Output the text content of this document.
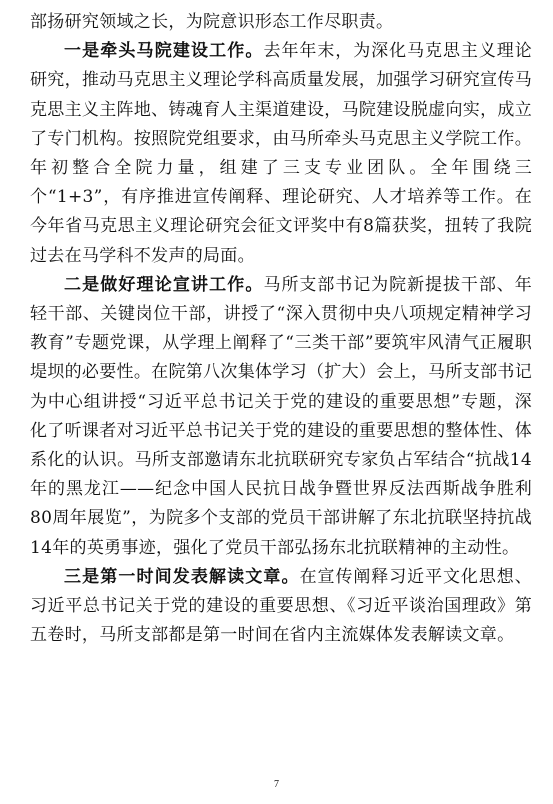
部扬研究领域之长，为院意识形态工作尽职责。

一是牵头马院建设工作。去年年末，为深化马克思主义理论研究，推动马克思主义理论学科高质量发展，加强学习研究宣传马克思主义主阵地、铸魂育人主渠道建设，马院建设脱虚向实，成立了专门机构。按照院党组要求，由马所牵头马克思主义学院工作。年初整合全院力量，组建了三支专业团队。全年围绕三个“1+3”，有序推进宣传阐释、理论研究、人才培养等工作。在今年省马克思主义理论研究会征文评奖中有8篇获奖，扭转了我院过去在马学科不发声的局面。

二是做好理论宣讲工作。马所支部书记为院新提拔干部、年轻干部、关键岗位干部，讲授了“深入贯彻中央八项规定精神学习教育”专题党课，从学理上阐释了“三类干部”要筑牢风清气正履职堤坝的必要性。在院第八次集体学习（扩大）会上，马所支部书记为中心组讲授“习近平总书记关于党的建设的重要思想”专题，深化了听课者对习近平总书记关于党的建设的重要思想的整体性、体系化的认识。马所支部邀请东北抗联研究专家负占军结合“抗战14年的黑龙江——纪念中国人民抗日战争暨世界反法西斯战争胜利80周年展览”，为院多个支部的党员干部讲解了东北抗联坚持抗战14年的英勇事迹，强化了党员干部弘扬东北抗联精神的主动性。

三是第一时间发表解读文章。在宣传阐释习近平文化思想、习近平总书记关于党的建设的重要思想、《习近平谈治国理政》第五卷时，马所支部都是第一时间在省内主流媒体发表解读文章。

7
